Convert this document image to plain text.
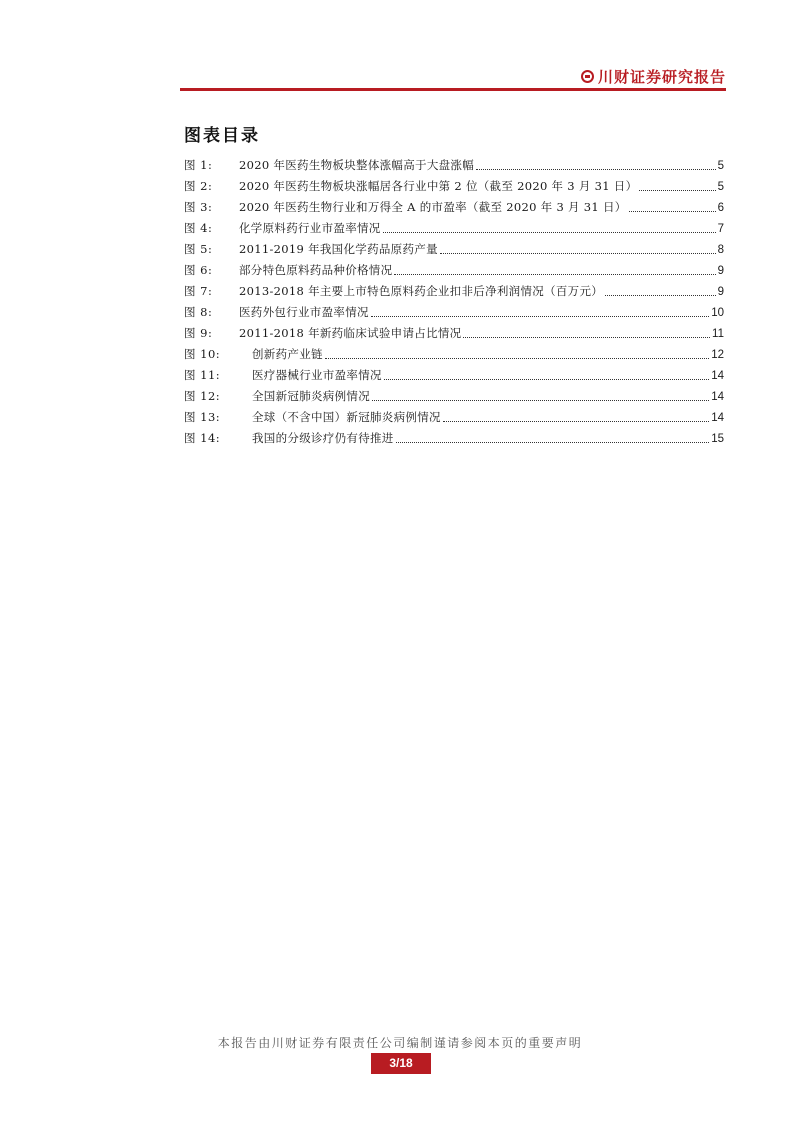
川财证券研究报告
图表目录
图 1:	2020 年医药生物板块整体涨幅高于大盘涨幅	5
图 2:	2020 年医药生物板块涨幅居各行业中第 2 位（截至 2020 年 3 月 31 日）	5
图 3:	2020 年医药生物行业和万得全 A 的市盈率（截至 2020 年 3 月 31 日）	6
图 4:	化学原料药行业市盈率情况	7
图 5:	2011-2019 年我国化学药品原药产量	8
图 6:	部分特色原料药品种价格情况	9
图 7:	2013-2018 年主要上市特色原料药企业扣非后净利润情况（百万元）	9
图 8:	医药外包行业市盈率情况	10
图 9:	2011-2018 年新药临床试验申请占比情况	11
图 10:	创新药产业链	12
图 11:	医疗器械行业市盈率情况	14
图 12:	全国新冠肺炎病例情况	14
图 13:	全球（不含中国）新冠肺炎病例情况	14
图 14:	我国的分级诊疗仍有待推进	15
本报告由川财证券有限责任公司编制谨请参阅本页的重要声明
3/18
